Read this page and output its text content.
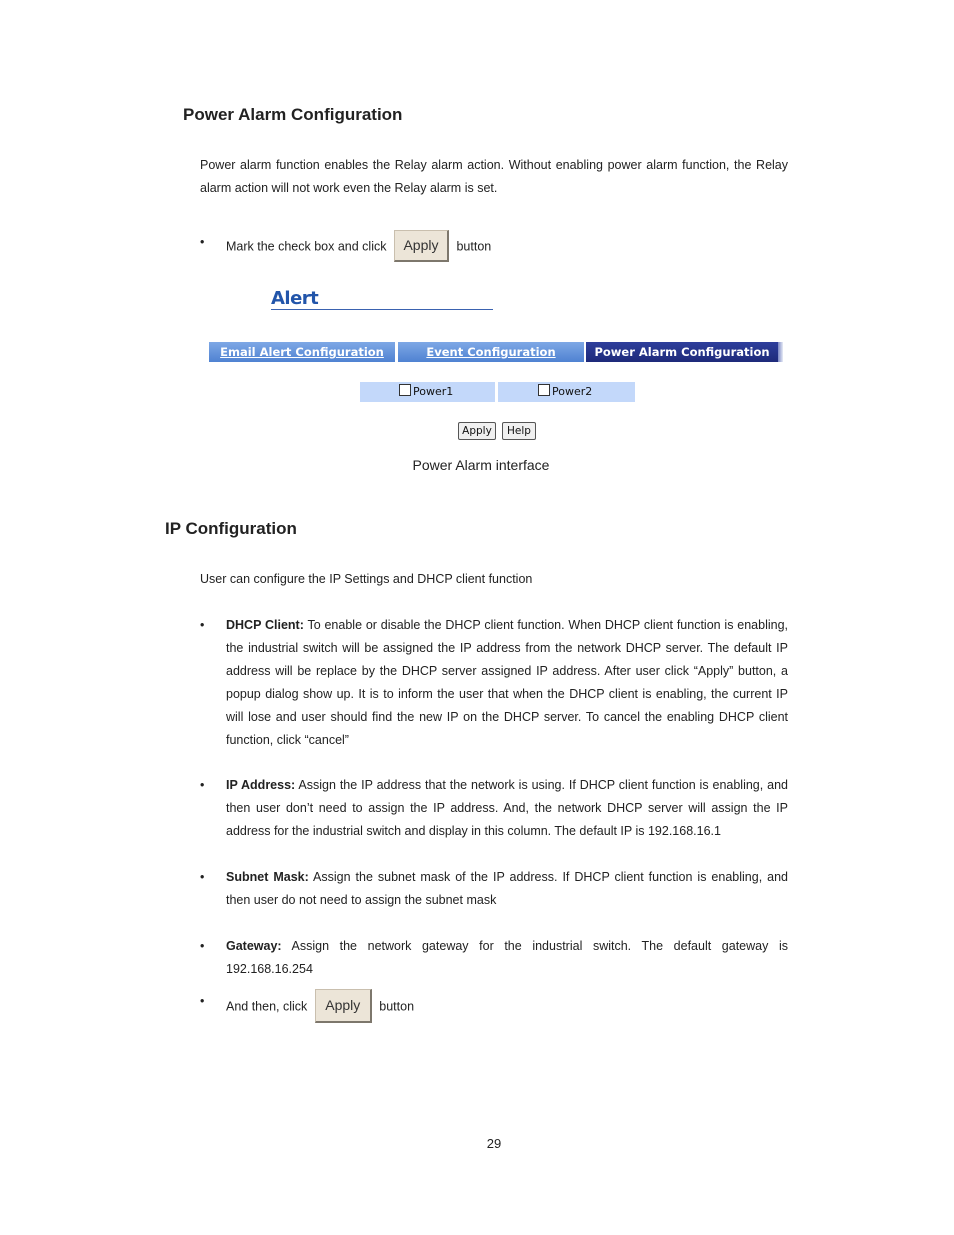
Power Alarm Configuration
Power alarm function enables the Relay alarm action. Without enabling power alarm function, the Relay alarm action will not work even the Relay alarm is set.
•	Mark the check box and click Apply button
Alert
Email Alert Configuration	Event Configuration	Power Alarm Configuration
Power1	Power2
Apply	Help
Power Alarm interface
IP Configuration
User can configure the IP Settings and DHCP client function
•	DHCP Client: To enable or disable the DHCP client function. When DHCP client function is enabling, the industrial switch will be assigned the IP address from the network DHCP server. The default IP address will be replace by the DHCP server assigned IP address. After user click “Apply” button, a popup dialog show up. It is to inform the user that when the DHCP client is enabling, the current IP will lose and user should find the new IP on the DHCP server. To cancel the enabling DHCP client function, click “cancel”
•	IP Address: Assign the IP address that the network is using. If DHCP client function is enabling, and then user don’t need to assign the IP address. And, the network DHCP server will assign the IP address for the industrial switch and display in this column. The default IP is 192.168.16.1
•	Subnet Mask: Assign the subnet mask of the IP address. If DHCP client function is enabling, and then user do not need to assign the subnet mask
•	Gateway: Assign the network gateway for the industrial switch. The default gateway is 192.168.16.254
•	And then, click Apply button
29
